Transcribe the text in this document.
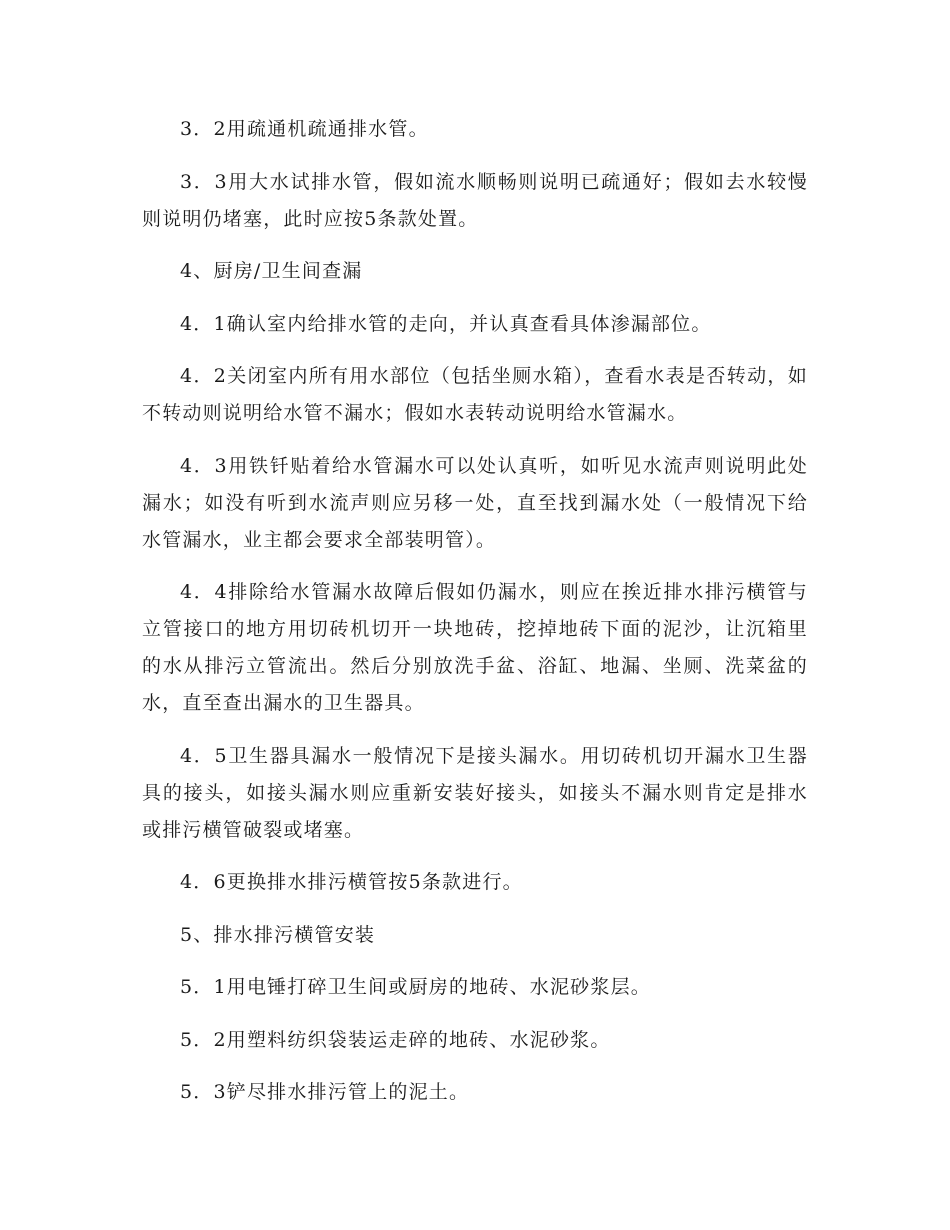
3．2用疏通机疏通排水管。

3．3用大水试排水管，假如流水顺畅则说明已疏通好；假如去水较慢则说明仍堵塞，此时应按5条款处置。

4、厨房/卫生间查漏

4．1确认室内给排水管的走向，并认真查看具体渗漏部位。

4．2关闭室内所有用水部位（包括坐厕水箱），查看水表是否转动，如不转动则说明给水管不漏水；假如水表转动说明给水管漏水。

4．3用铁钎贴着给水管漏水可以处认真听，如听见水流声则说明此处漏水；如没有听到水流声则应另移一处，直至找到漏水处（一般情况下给水管漏水，业主都会要求全部装明管）。

4．4排除给水管漏水故障后假如仍漏水，则应在挨近排水排污横管与立管接口的地方用切砖机切开一块地砖，挖掉地砖下面的泥沙，让沉箱里的水从排污立管流出。然后分别放洗手盆、浴缸、地漏、坐厕、洗菜盆的水，直至查出漏水的卫生器具。

4．5卫生器具漏水一般情况下是接头漏水。用切砖机切开漏水卫生器具的接头，如接头漏水则应重新安装好接头，如接头不漏水则肯定是排水或排污横管破裂或堵塞。

4．6更换排水排污横管按5条款进行。

5、排水排污横管安装

5．1用电锤打碎卫生间或厨房的地砖、水泥砂浆层。

5．2用塑料纺织袋装运走碎的地砖、水泥砂浆。

5．3铲尽排水排污管上的泥土。
